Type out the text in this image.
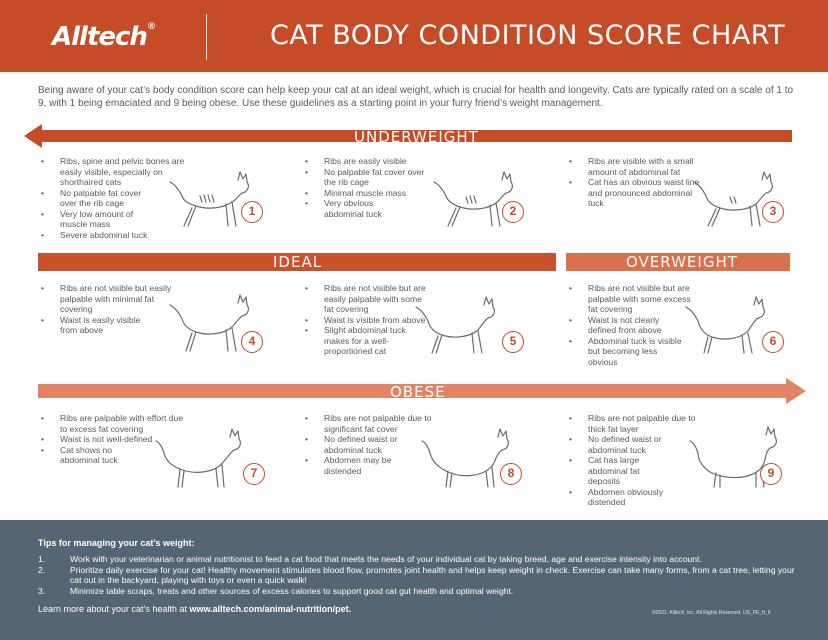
Alltech®	CAT BODY CONDITION SCORE CHART
Being aware of your cat’s body condition score can help keep your cat at an ideal weight, which is crucial for health and longevity. Cats are typically rated on a scale of 1 to 9, with 1 being emaciated and 9 being obese. Use these guidelines as a starting point in your furry friend’s weight management.
UNDERWEIGHT
IDEAL	OVERWEIGHT
OBESE
• Ribs, spine and pelvic bones are easily visible, especially on shorthaired cats
• No palpable fat cover over the rib cage
• Very low amount of muscle mass
• Severe abdominal tuck
1
• Ribs are easily visible
• No palpable fat cover over the rib cage
• Minimal muscle mass
• Very obvious abdominal tuck	2
• Ribs are visible with a small amount of abdominal fat
• Cat has an obvious waist line and pronounced abdominal tuck
3
• Ribs are not visible but easily palpable with minimal fat covering
• Waist is easily visible from above
4
• Ribs are not visible but are easily palpable with some fat covering
• Waist is visible from above
• Slight abdominal tuck makes for a well-proportioned cat
5
• Ribs are not visible but are palpable with some excess fat covering
• Waist is not clearly defined from above
• Abdominal tuck is visible but becoming less obvious
6
• Ribs are palpable with effort due to excess fat covering
• Waist is not well-defined
• Cat shows no abdominal tuck
7
• Ribs are not palpable due to significant fat cover
• No defined waist or abdominal tuck
• Abdomen may be distended	8
• Ribs are not palpable due to thick fat layer
• No defined waist or abdominal tuck
• Cat has large abdominal fat deposits
• Abdomen obviously distended
9
Tips for managing your cat’s weight:
1.	Work with your veterinarian or animal nutritionist to feed a cat food that meets the needs of your individual cat by taking breed, age and exercise intensity into account.
2.	Prioritize daily exercise for your cat! Healthy movement stimulates blood flow, promotes joint health and helps keep weight in check. Exercise can take many forms, from a cat tree, letting your cat out in the backyard, playing with toys or even a quick walk!
3.	Minimize table scraps, treats and other sources of excess calories to support good cat gut health and optimal weight.
Learn more about your cat’s health at www.alltech.com/animal-nutrition/pet.	©2021. Alltech, Inc. All Rights Reserved. US_PE_ft_5
